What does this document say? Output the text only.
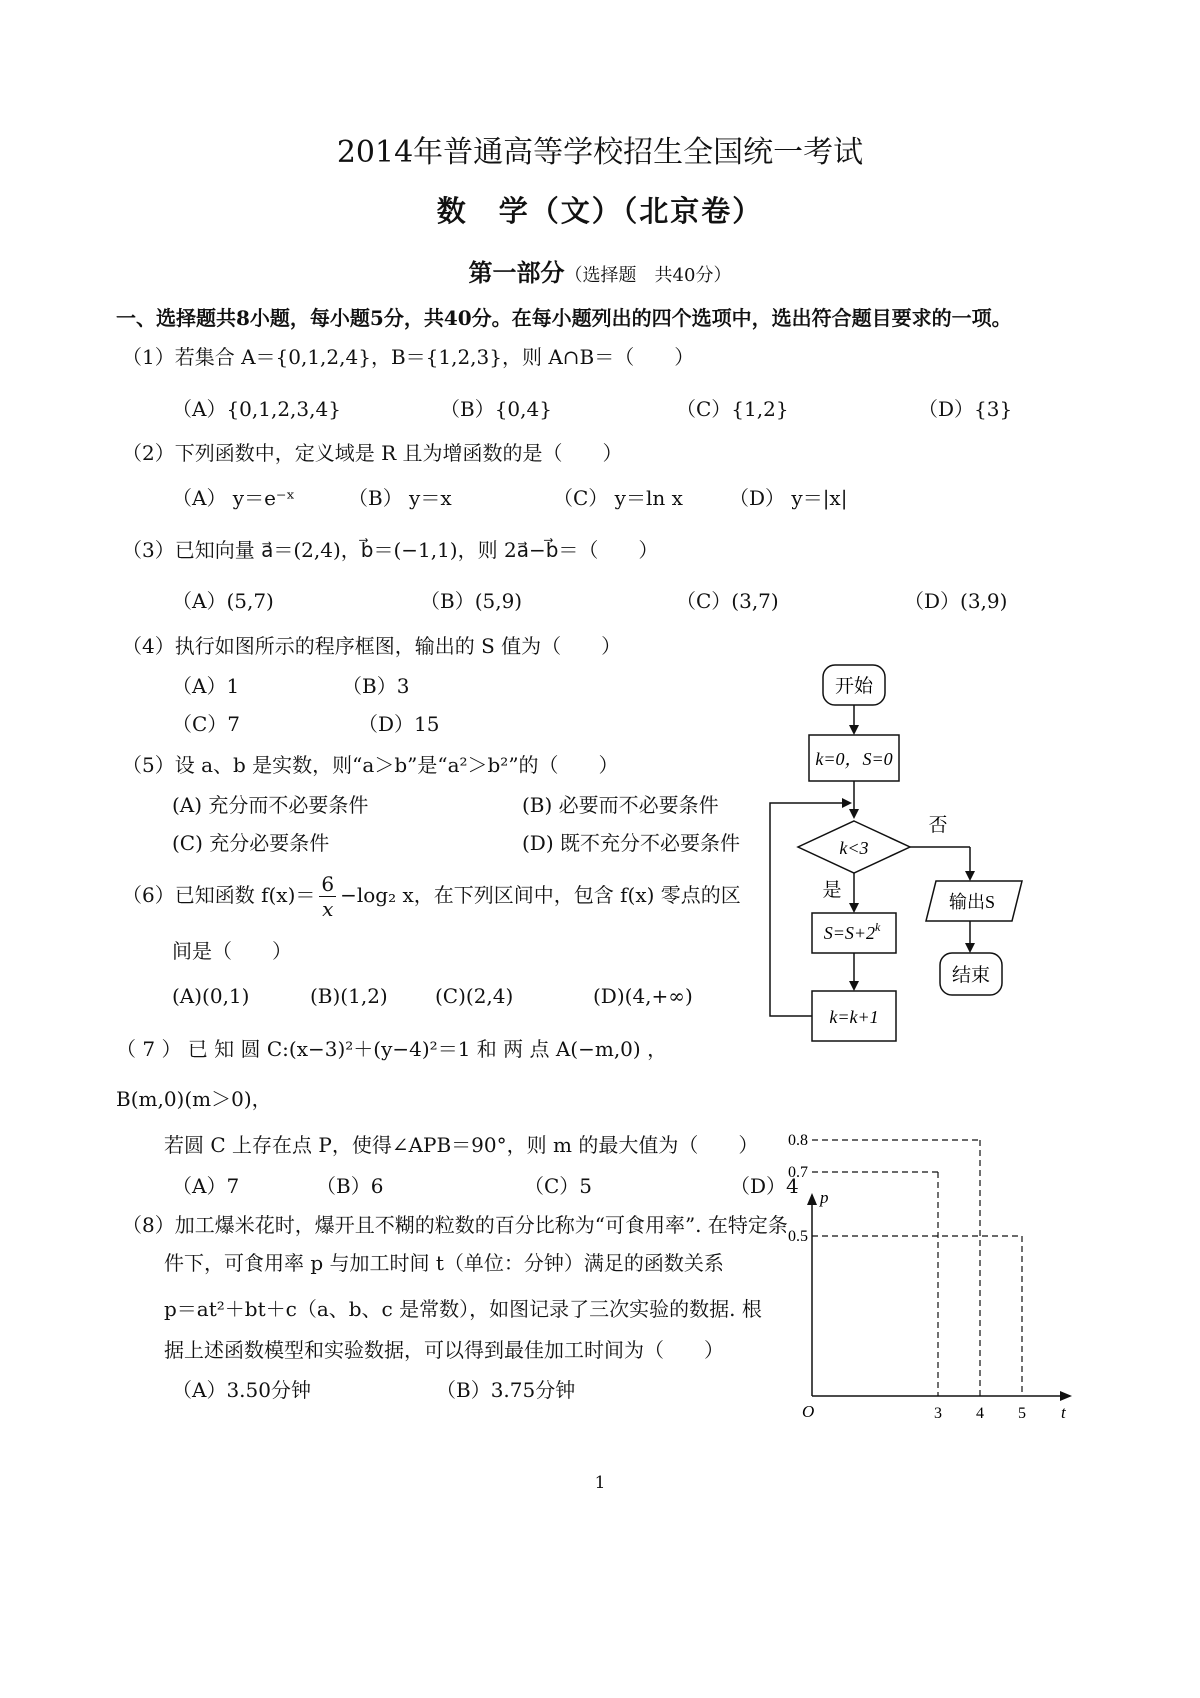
2014年普通高等学校招生全国统一考试
数　学（文）（北京卷）
第一部分（选择题　共40分）
一、选择题共8小题，每小题5分，共40分。在每小题列出的四个选项中，选出符合题目要求的一项。
（1）若集合 A＝{0,1,2,4}，B＝{1,2,3}，则 A∩B＝（　　）
（A）{0,1,2,3,4}	（B）{0,4}	（C）{1,2}	（D）{3}
（2）下列函数中，定义域是 R 且为增函数的是（　　）
（A） y＝e⁻ˣ	（B） y＝x	（C） y＝ln x （D） y＝|x|
（3）已知向量 a⃗＝(2,4)，b⃗＝(−1,1)，则 2a⃗−b⃗＝（　　）
（A）(5,7)	（B）(5,9)	（C）(3,7)	（D）(3,9)
（4）执行如图所示的程序框图，输出的 S 值为（　　）
（A）1	（B）3
（C）7	（D）15
（5）设 a、b 是实数，则“a＞b”是“a²＞b²”的（　　）
(A) 充分而不必要条件	(B) 必要而不必要条件
(C) 充分必要条件	(D) 既不充分不必要条件
（6）已知函数 $f(x)= \frac{6}{x} -\log_2$ x，在下列区间中，包含 f(x) 零点的区
间是（　　）
(A)(0,1)	(B)(1,2) (C)(2,4)	(D)(4,+∞)
（ 7 ） 已 知 圆 C:(x−3)²＋(y−4)²＝1 和 两 点 A(−m,0) ，
B(m,0)(m＞0)，
若圆 C 上存在点 P，使得∠APB＝90°，则 m 的最大值为（　　）
（A）7	（B）6	（C）5	（D）4
（8）加工爆米花时，爆开且不糊的粒数的百分比称为“可食用率”. 在特定条
件下，可食用率 p 与加工时间 t（单位：分钟）满足的函数关系
p＝at²＋bt＋c（a、b、c 是常数），如图记录了三次实验的数据. 根
据上述函数模型和实验数据，可以得到最佳加工时间为（　　）
（A）3.50分钟	（B）3.75分钟
开始
k=0，S=0
k<3
否
输出S
结束
是
$S=S+2^k$
k=k+1
p
t
O	3 4 5
0.8
0.7
0.5
1
